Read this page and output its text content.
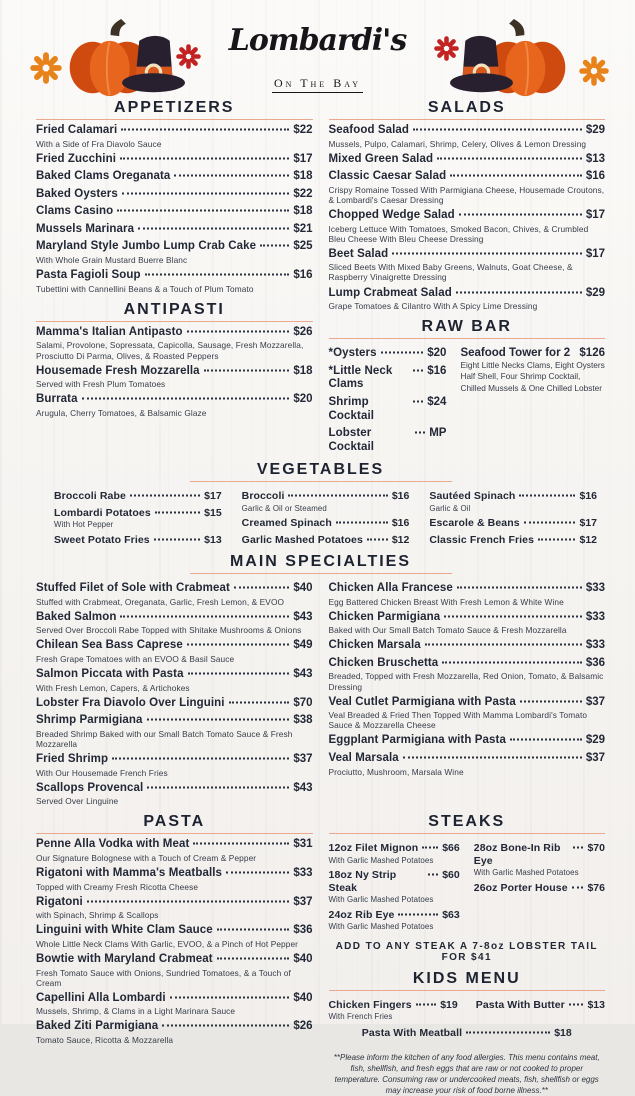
Lombardi's

On The Bay
APPETIZERS
Fried Calamari	$22
With a Side of Fra Diavolo Sauce
Fried Zucchini	$17
Baked Clams Oreganata	$18
Baked Oysters	$22
Clams Casino	$18
Mussels Marinara	$21
Maryland Style Jumbo Lump Crab Cake	$25
With Whole Grain Mustard Buerre Blanc
Pasta Fagioli Soup	$16
Tubettini with Cannellini Beans & a Touch of Plum Tomato
ANTIPASTI
Mamma's Italian Antipasto	$26
Salami, Provolone, Sopressata, Capicolla, Sausage, Fresh Mozzarella, Prosciutto Di Parma, Olives, & Roasted Peppers
Housemade Fresh Mozzarella	$18
Served with Fresh Plum Tomatoes
Burrata	$20
Arugula, Cherry Tomatoes, & Balsamic Glaze
SALADS
Seafood Salad	$29
Mussels, Pulpo, Calamari, Shrimp, Celery, Olives & Lemon Dressing
Mixed Green Salad	$13
Classic Caesar Salad	$16
Crispy Romaine Tossed With Parmigiana Cheese, Housemade Croutons, & Lombardi's Caesar Dressing
Chopped Wedge Salad	$17
Iceberg Lettuce With Tomatoes, Smoked Bacon, Chives, & Crumbled Bleu Cheese With Bleu Cheese Dressing
Beet Salad	$17
Sliced Beets With Mixed Baby Greens, Walnuts, Goat Cheese, & Raspberry Vinaigrette Dressing
Lump Crabmeat Salad	$29
Grape Tomatoes & Cilantro With A Spicy Lime Dressing
RAW BAR
*Oysters	$20
*Little Neck Clams
$16
Shrimp Cocktail
$24
Lobster Cocktail
MP
Seafood Tower for 2 $126
Eight Little Necks Clams, Eight Oysters Half Shell, Four Shrimp Cocktail, Chilled Mussels & One Chilled Lobster
VEGETABLES
Broccoli Rabe	$17
Lombardi Potatoes	$15
With Hot Pepper
Sweet Potato Fries	$13
Broccoli	$16
Garlic & Oil or Steamed
Creamed Spinach	$16
Garlic Mashed Potatoes	$12
Sautéed Spinach	$16
Garlic & Oil
Escarole & Beans	$17
Classic French Fries	$12
MAIN SPECIALTIES
Stuffed Filet of Sole with Crabmeat	$40
Stuffed with Crabmeat, Oreganata, Garlic, Fresh Lemon, & EVOO
Baked Salmon	$43
Served Over Broccoli Rabe Topped with Shitake Mushrooms & Onions
Chilean Sea Bass Caprese	$49
Fresh Grape Tomatoes with an EVOO & Basil Sauce
Salmon Piccata with Pasta	$43
With Fresh Lemon, Capers, & Artichokes
Lobster Fra Diavolo Over Linguini	$70
Shrimp Parmigiana	$38
Breaded Shrimp Baked with our Small Batch Tomato Sauce & Fresh Mozzarella
Fried Shrimp	$37
With Our Housemade French Fries
Scallops Provencal	$43
Served Over Linguine
Chicken Alla Francese	$33
Egg Battered Chicken Breast With Fresh Lemon & White Wine
Chicken Parmigiana	$33
Baked with Our Small Batch Tomato Sauce & Fresh Mozzarella
Chicken Marsala	$33
Chicken Bruschetta	$36
Breaded, Topped with Fresh Mozzarella, Red Onion, Tomato, & Balsamic Dressing
Veal Cutlet Parmigiana with Pasta	$37
Veal Breaded & Fried Then Topped With Mamma Lombardi's Tomato Sauce & Mozzarella Cheese
Eggplant Parmigiana with Pasta	$29
Veal Marsala	$37
Prociutto, Mushroom, Marsala Wine
PASTA
Penne Alla Vodka with Meat	$31
Our Signature Bolognese with a Touch of Cream & Pepper
Rigatoni with Mamma's Meatballs	$33
Topped with Creamy Fresh Ricotta Cheese
Rigatoni	$37
with Spinach, Shrimp & Scallops
Linguini with White Clam Sauce	$36
Whole Little Neck Clams With Garlic, EVOO, & a Pinch of Hot Pepper
Bowtie with Maryland Crabmeat	$40
Fresh Tomato Sauce with Onions, Sundried Tomatoes, & a Touch of Cream
Capellini Alla Lombardi	$40
Mussels, Shrimp, & Clams in a Light Marinara Sauce
Baked Ziti Parmigiana	$26
Tomato Sauce, Ricotta & Mozzarella
STEAKS
12oz Filet Mignon $66
With Garlic Mashed Potatoes
18oz Ny Strip Steak
$60
With Garlic Mashed Potatoes
24oz Rib Eye	$63
With Garlic Mashed Potatoes
28oz Bone-In Rib Eye
$70
With Garlic Mashed Potatoes
26oz Porter House $76
ADD TO ANY STEAK A 7-8oz LOBSTER TAIL FOR $41
KIDS MENU
Chicken Fingers	$19
With French Fries
Pasta With Butter $13
Pasta With Meatball	$18
**Please inform the kitchen of any food allergies. This menu contains meat, fish, shellfish, and fresh eggs that are raw or not cooked to proper temperature. Consuming raw or undercooked meats, fish, shellfish or eggs may increase your risk of food borne illness.**
